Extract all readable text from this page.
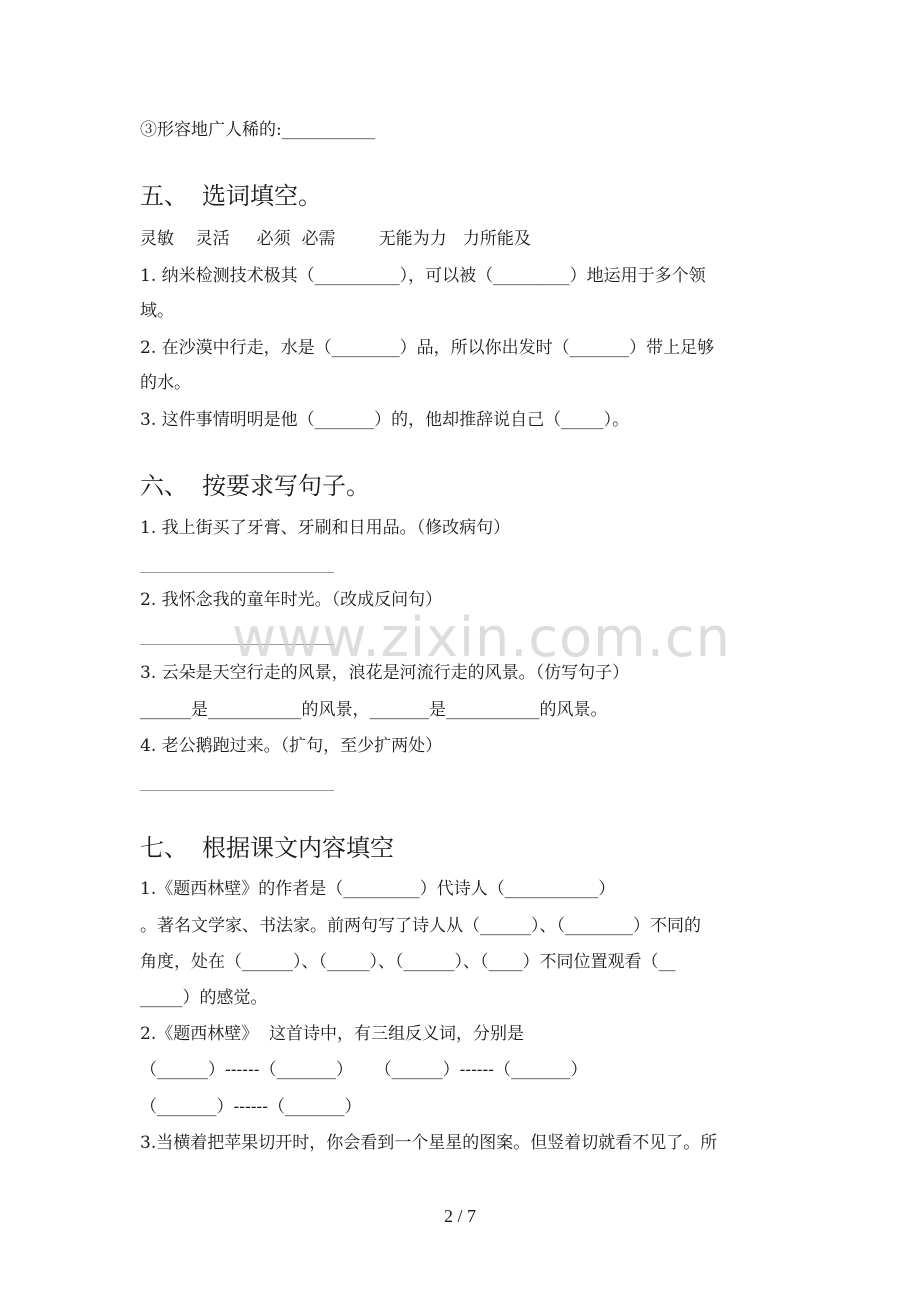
③形容地广人稀的:___________
五、 选词填空。
灵敏    灵活     必须  必需        无能为力   力所能及
1. 纳米检测技术极其（__________），可以被（_________）地运用于多个领
域。
2. 在沙漠中行走，水是（________）品，所以你出发时（_______）带上足够
的水。
3. 这件事情明明是他（_______）的，他却推辞说自己（_____）。
六、 按要求写句子。
1. 我上街买了牙膏、牙刷和日用品。（修改病句）
2. 我怀念我的童年时光。（改成反问句）
3. 云朵是天空行走的风景，浪花是河流行走的风景。（仿写句子）
______是___________的风景，_______是___________的风景。
4. 老公鹅跑过来。（扩句，至少扩两处）
七、 根据课文内容填空
1.《题西林壁》的作者是（_________）代诗人（___________）
。著名文学家、书法家。前两句写了诗人从（______）、（________）不同的
角度，处在（______）、（_____）、（______）、（____）不同位置观看（__
_____）的感觉。
2.《题西林壁》  这首诗中，有三组反义词，分别是
（______）------（_______）    （______）------（_______）
（_______）------（_______）
3.当横着把苹果切开时，你会看到一个星星的图案。但竖着切就看不见了。所
www.zixin.com.cn
2 / 7
